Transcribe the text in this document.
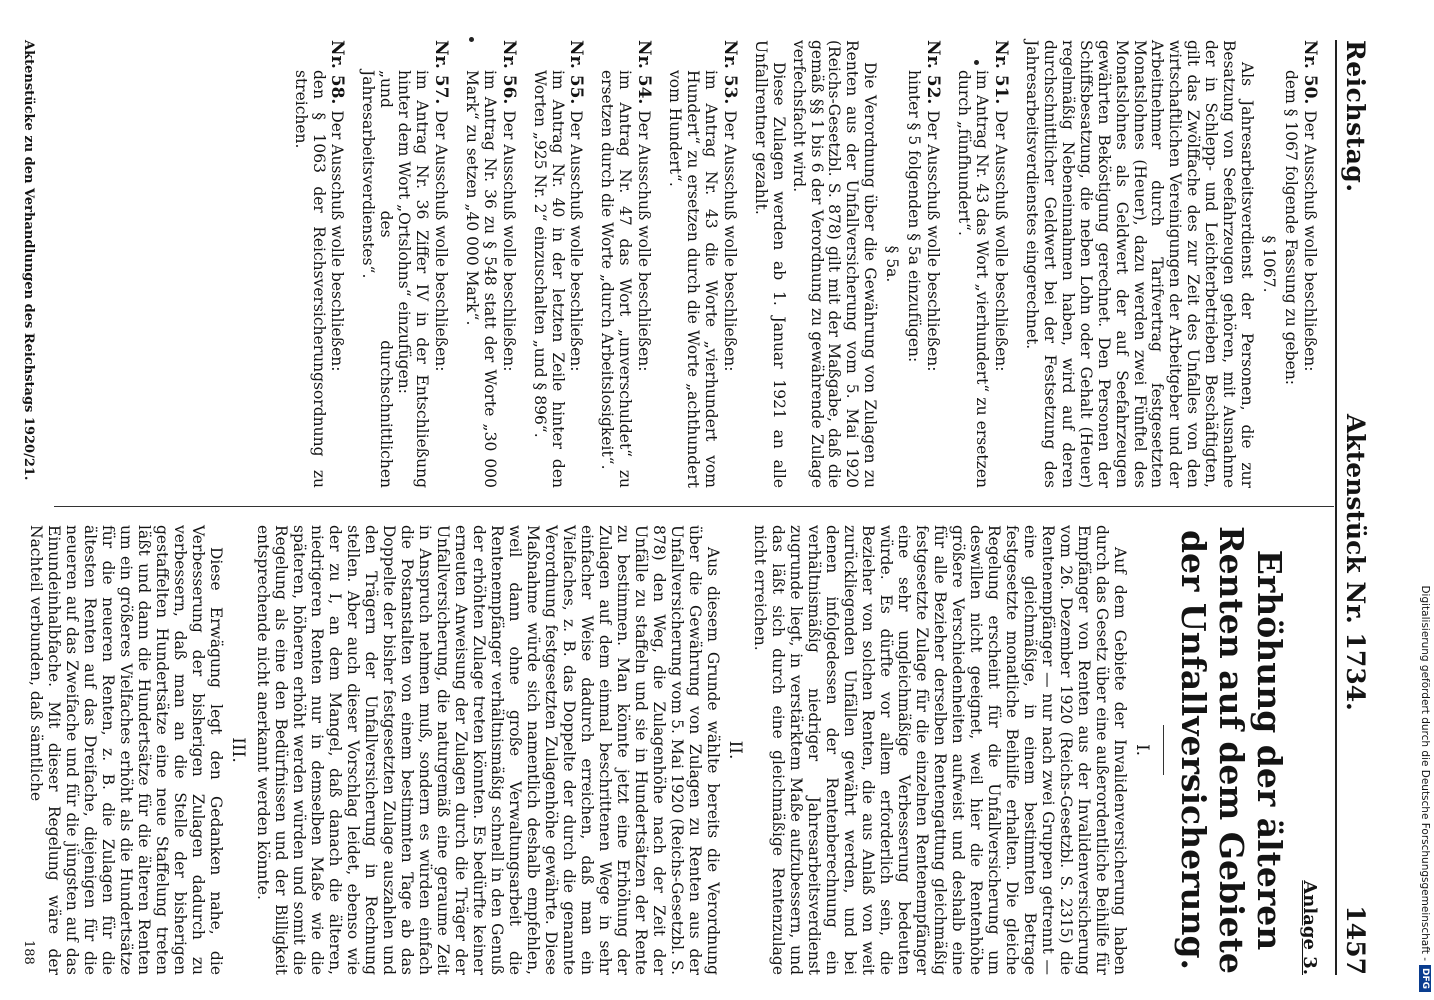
Reichstag.
Aktenstück Nr. 1734.
1457
Nr. 50.Der Ausschuß wolle beschließen:
dem § 1067 folgende Fassung zu geben:
§ 1067.
Als Jahresarbeitsverdienst der Personen, die zur Besatzung von Seefahrzeugen gehören, mit Ausnahme der in Schlepp- und Leichterbetrieben Beschäftigten, gilt das Zwölffache des zur Zeit des Unfalles von den wirtschaftlichen Vereinigungen der Arbeitgeber und der Arbeitnehmer durch Tarifvertrag festgesetzten Monatslohnes (Heuer), dazu werden zwei Fünftel des Monatslohnes als Geldwert der auf Seefahrzeugen gewährten Beköstigung gerechnet. Den Personen der Schiffsbesatzung, die neben Lohn oder Gehalt (Heuer) regelmäßig Nebeneinnahmen haben, wird auf deren durchschnittlicher Geldwert bei der Festsetzung des Jahresarbeitsverdienstes eingerechnet.
Nr. 51.Der Ausschuß wolle beschließen:
im Antrag Nr. 43 das Wort „vierhundert“ zu ersetzen durch „fünfhundert“.
Nr. 52.Der Ausschuß wolle beschließen:
hinter § 5 folgenden § 5a einzufügen:
§ 5a.
Die Verordnung über die Gewährung von Zulagen zu Renten aus der Unfallversicherung vom 5. Mai 1920 (Reichs-Gesetzbl. S. 878) gilt mit der Maßgabe, daß die gemäß §§ 1 bis 6 der Verordnung zu gewährende Zulage verfechsfacht wird.
Diese Zulagen werden ab 1. Januar 1921 an alle Unfallrentner gezahlt.
Nr. 53.Der Ausschuß wolle beschließen:
im Antrag Nr. 43 die Worte „vierhundert vom Hundert“ zu ersetzen durch die Worte „achthundert vom Hundert“.
Nr. 54.Der Ausschuß wolle beschließen:
im Antrag Nr. 47 das Wort „unverschuldet“ zu ersetzen durch die Worte „durch Arbeitslosigkeit“.
Nr. 55.Der Ausschuß wolle beschließen:
im Antrag Nr. 40 in der letzten Zeile hinter den Worten „925 Nr. 2“ einzuschalten „und § 896“.
Nr. 56.Der Ausschuß wolle beschließen:
im Antrag Nr. 36 zu § 548 statt der Worte „30 000 Mark“ zu setzen „40 000 Mark“.
Nr. 57.Der Ausschuß wolle beschließen:
im Antrag Nr. 36 Ziffer IV in der Entschließung hinter dem Wort „Ortslohns“ einzufügen:
„und des durchschnittlichen Jahresarbeitsverdienstes“.
Nr. 58.Der Ausschuß wolle beschließen:
den § 1063 der Reichsversicherungsordnung zu streichen.
Anlage 3.
Erhöhung der älteren Renten auf dem Gebiete der Unfallversicherung.
I.
Auf dem Gebiete der Invalidenversicherung haben durch das Gesetz über eine außerordentliche Beihilfe für Empfänger von Renten aus der Invalidenversicherung vom 26. Dezember 1920 (Reichs-Gesetzbl. S. 2315) die Rentenempfänger — nur nach zwei Gruppen getrennt — eine gleichmäßige, in einem bestimmten Betrage festgesetzte monatliche Beihilfe erhalten. Die gleiche Regelung erscheint für die Unfallversicherung um deswillen nicht geeignet, weil hier die Rentenhöhe größere Verschiedenheiten aufweist und deshalb eine für alle Bezieher derselben Rentengattung gleichmäßig festgesetzte Zulage für die einzelnen Rentenempfänger eine sehr ungleichmäßige Verbesserung bedeuten würde. Es dürfte vor allem erforderlich sein, die Bezieher von solchen Renten, die aus Anlaß von weit zurückliegenden Unfällen gewährt werden, und bei denen infolgedessen der Rentenberechnung ein verhältnismäßig niedriger Jahresarbeitsverdienst zugrunde liegt, in verstärktem Maße aufzubessern, und das läßt sich durch eine gleichmäßige Rentenzulage nicht erreichen.
II.
Aus diesem Grunde wählte bereits die Verordnung über die Gewährung von Zulagen zu Renten aus der Unfallversicherung vom 5. Mai 1920 (Reichs-Gesetzbl. S. 878) den Weg, die Zulagenhöhe nach der Zeit der Unfälle zu staffeln und sie in Hundertsätzen der Rente zu bestimmen. Man könnte jetzt eine Erhöhung der Zulagen auf dem einmal beschrittenen Wege in sehr einfacher Weise dadurch erreichen, daß man ein Vielfaches, z. B. das Doppelte der durch die genannte Verordnung festgesetzten Zulagenhöhe gewährte. Diese Maßnahme würde sich namentlich deshalb empfehlen, weil dann ohne große Verwaltungsarbeit die Rentenempfänger verhältnismäßig schnell in den Genuß der erhöhten Zulage treten könnten. Es bedürfte keiner erneuten Anweisung der Zulagen durch die Träger der Unfallversicherung, die naturgemäß eine geraume Zeit in Anspruch nehmen muß, sondern es würden einfach die Postanstalten von einem bestimmten Tage ab das Doppelte der bisher festgesetzten Zulage auszahlen und den Trägern der Unfallversicherung in Rechnung stellen. Aber auch dieser Vorschlag leidet, ebenso wie der zu I, an dem Mangel, daß danach die älteren, niedrigeren Renten nur in demselben Maße wie die späteren, höheren erhöht werden würden und somit die Regelung als eine den Bedürfnissen und der Billigkeit entsprechende nicht anerkannt werden könnte.
III.
Diese Erwägung legt den Gedanken nahe, die Verbesserung der bisherigen Zulagen dadurch zu verbessern, daß man an die Stelle der bisherigen gestaffelten Hundertsätze eine neue Staffelung treten läßt und dann die Hundertsätze für die älteren Renten um ein größeres Vielfaches erhöht als die Hundertsätze für die neueren Renten, z. B. die Zulagen für die ältesten Renten auf das Dreifache, diejenigen für die neueren auf das Zweifache und für die jüngsten auf das Einundeinhalbfache. Mit dieser Regelung wäre der Nachteil verbunden, daß sämtliche
Aktenstücke zu den Verhandlungen des Reichstags 1920/21.
188	Digitalisierung gefördert durch die Deutsche Forschungsgemeinschaft -
DFG
